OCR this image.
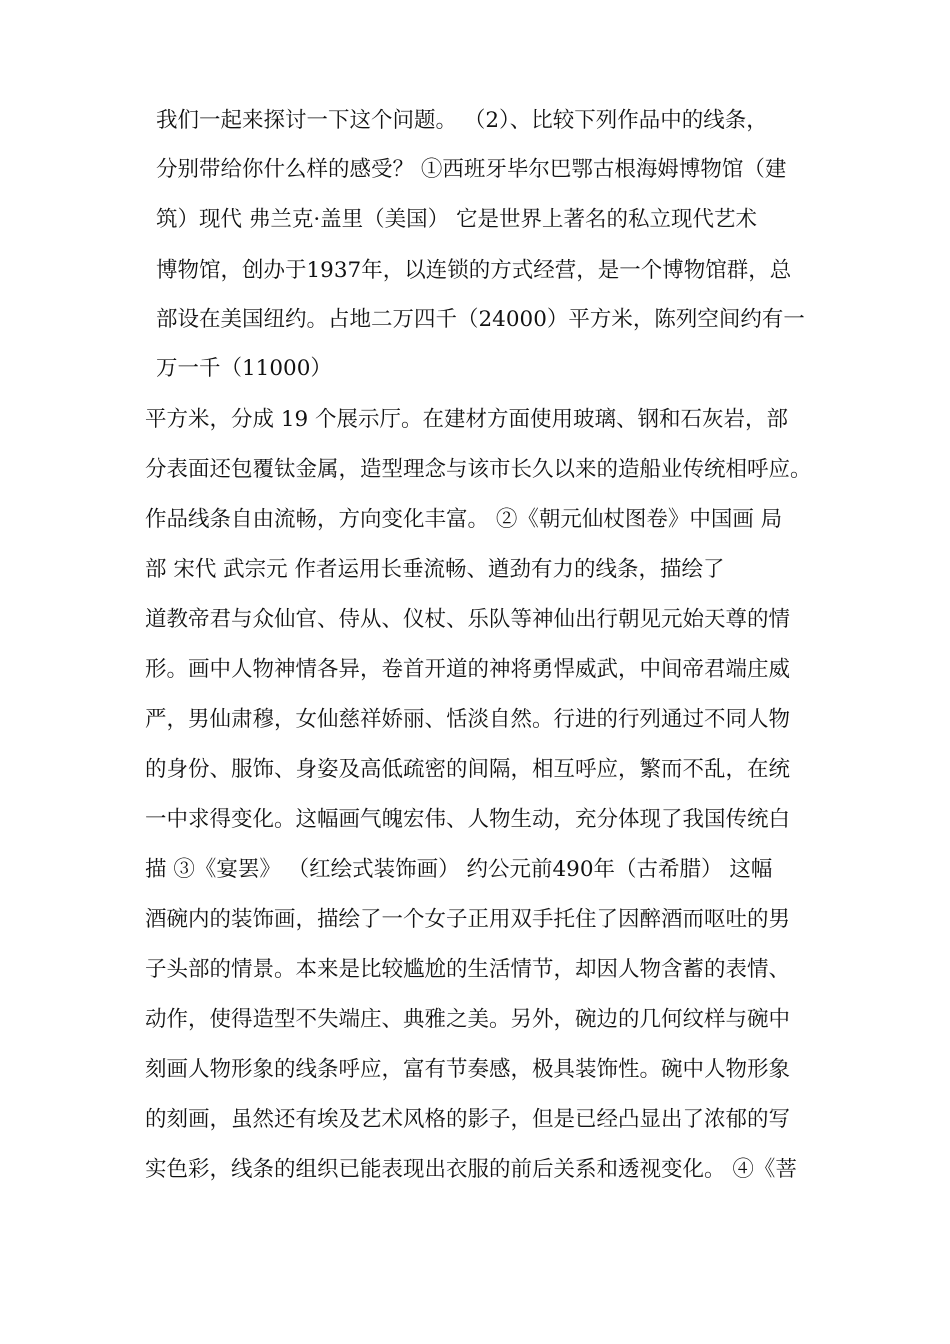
我们一起来探讨一下这个问题。 （2）、比较下列作品中的线条，
分别带给你什么样的感受？ ①西班牙毕尔巴鄂古根海姆博物馆（建
筑）现代 弗兰克·盖里（美国） 它是世界上著名的私立现代艺术
博物馆，创办于1937年，以连锁的方式经营，是一个博物馆群，总
部设在美国纽约。占地二万四千（24000）平方米，陈列空间约有一
万一千（11000）
平方米，分成 19 个展示厅。在建材方面使用玻璃、钢和石灰岩，部
分表面还包覆钛金属，造型理念与该市长久以来的造船业传统相呼应。
作品线条自由流畅，方向变化丰富。 ②《朝元仙杖图卷》中国画 局
部 宋代 武宗元 作者运用长垂流畅、遒劲有力的线条，描绘了
道教帝君与众仙官、侍从、仪杖、乐队等神仙出行朝见元始天尊的情
形。画中人物神情各异，卷首开道的神将勇悍威武，中间帝君端庄威
严，男仙肃穆，女仙慈祥娇丽、恬淡自然。行进的行列通过不同人物
的身份、服饰、身姿及高低疏密的间隔，相互呼应，繁而不乱，在统
一中求得变化。这幅画气魄宏伟、人物生动，充分体现了我国传统白
描 ③《宴罢》 （红绘式装饰画） 约公元前490年（古希腊） 这幅
酒碗内的装饰画，描绘了一个女子正用双手托住了因醉酒而呕吐的男
子头部的情景。本来是比较尴尬的生活情节，却因人物含蓄的表情、
动作，使得造型不失端庄、典雅之美。另外，碗边的几何纹样与碗中
刻画人物形象的线条呼应，富有节奏感，极具装饰性。碗中人物形象
的刻画，虽然还有埃及艺术风格的影子，但是已经凸显出了浓郁的写
实色彩，线条的组织已能表现出衣服的前后关系和透视变化。 ④《菩
